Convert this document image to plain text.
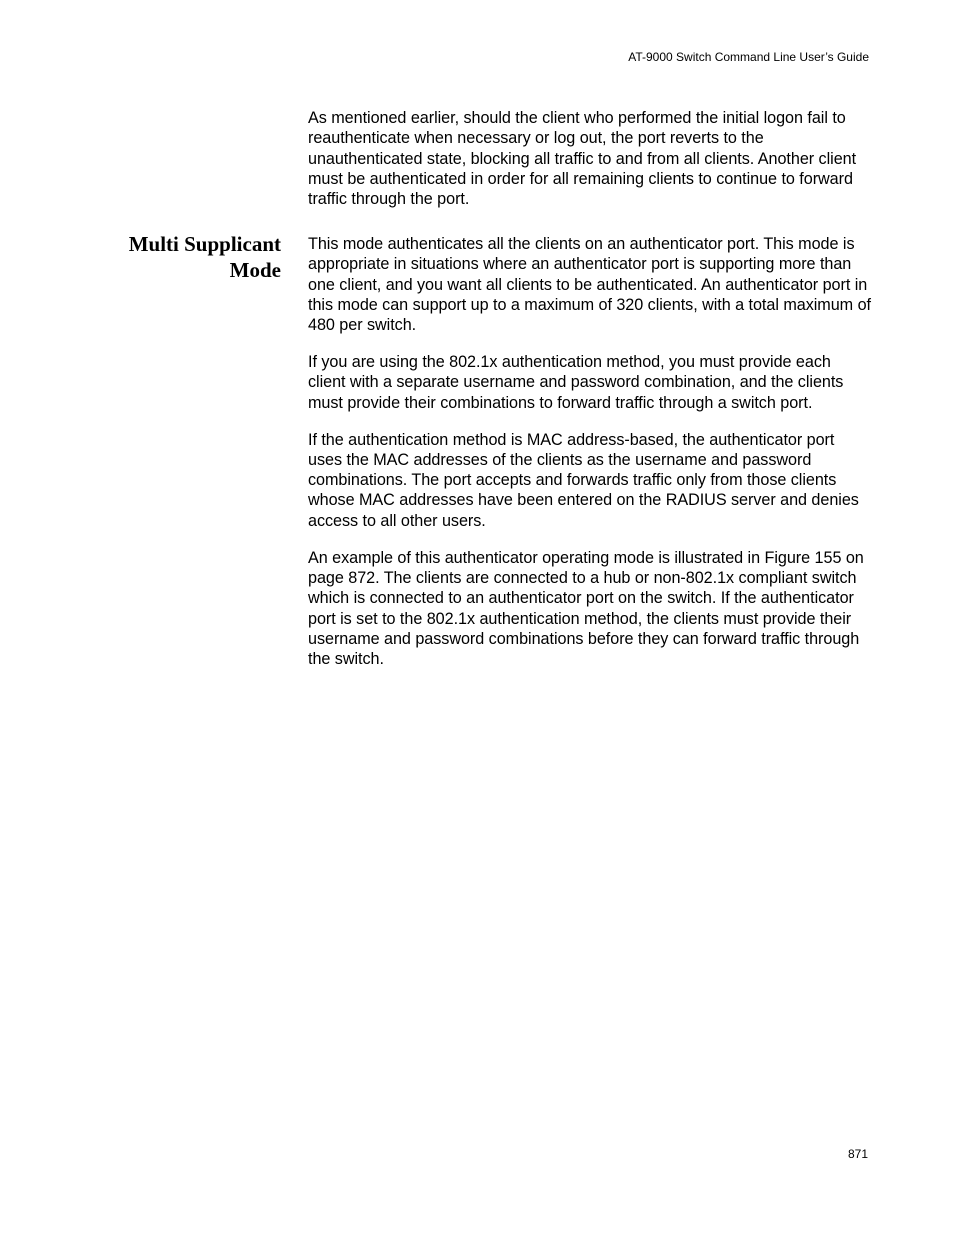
AT-9000 Switch Command Line User’s Guide

As mentioned earlier, should the client who performed the initial logon fail to reauthenticate when necessary or log out, the port reverts to the unauthenticated state, blocking all traffic to and from all clients. Another client must be authenticated in order for all remaining clients to continue to forward traffic through the port.

Multi Supplicant Mode

This mode authenticates all the clients on an authenticator port. This mode is appropriate in situations where an authenticator port is supporting more than one client, and you want all clients to be authenticated. An authenticator port in this mode can support up to a maximum of 320 clients, with a total maximum of 480 per switch.

If you are using the 802.1x authentication method, you must provide each client with a separate username and password combination, and the clients must provide their combinations to forward traffic through a switch port.

If the authentication method is MAC address-based, the authenticator port uses the MAC addresses of the clients as the username and password combinations. The port accepts and forwards traffic only from those clients whose MAC addresses have been entered on the RADIUS server and denies access to all other users.

An example of this authenticator operating mode is illustrated in Figure 155 on page 872. The clients are connected to a hub or non-802.1x compliant switch which is connected to an authenticator port on the switch. If the authenticator port is set to the 802.1x authentication method, the clients must provide their username and password combinations before they can forward traffic through the switch.

871
